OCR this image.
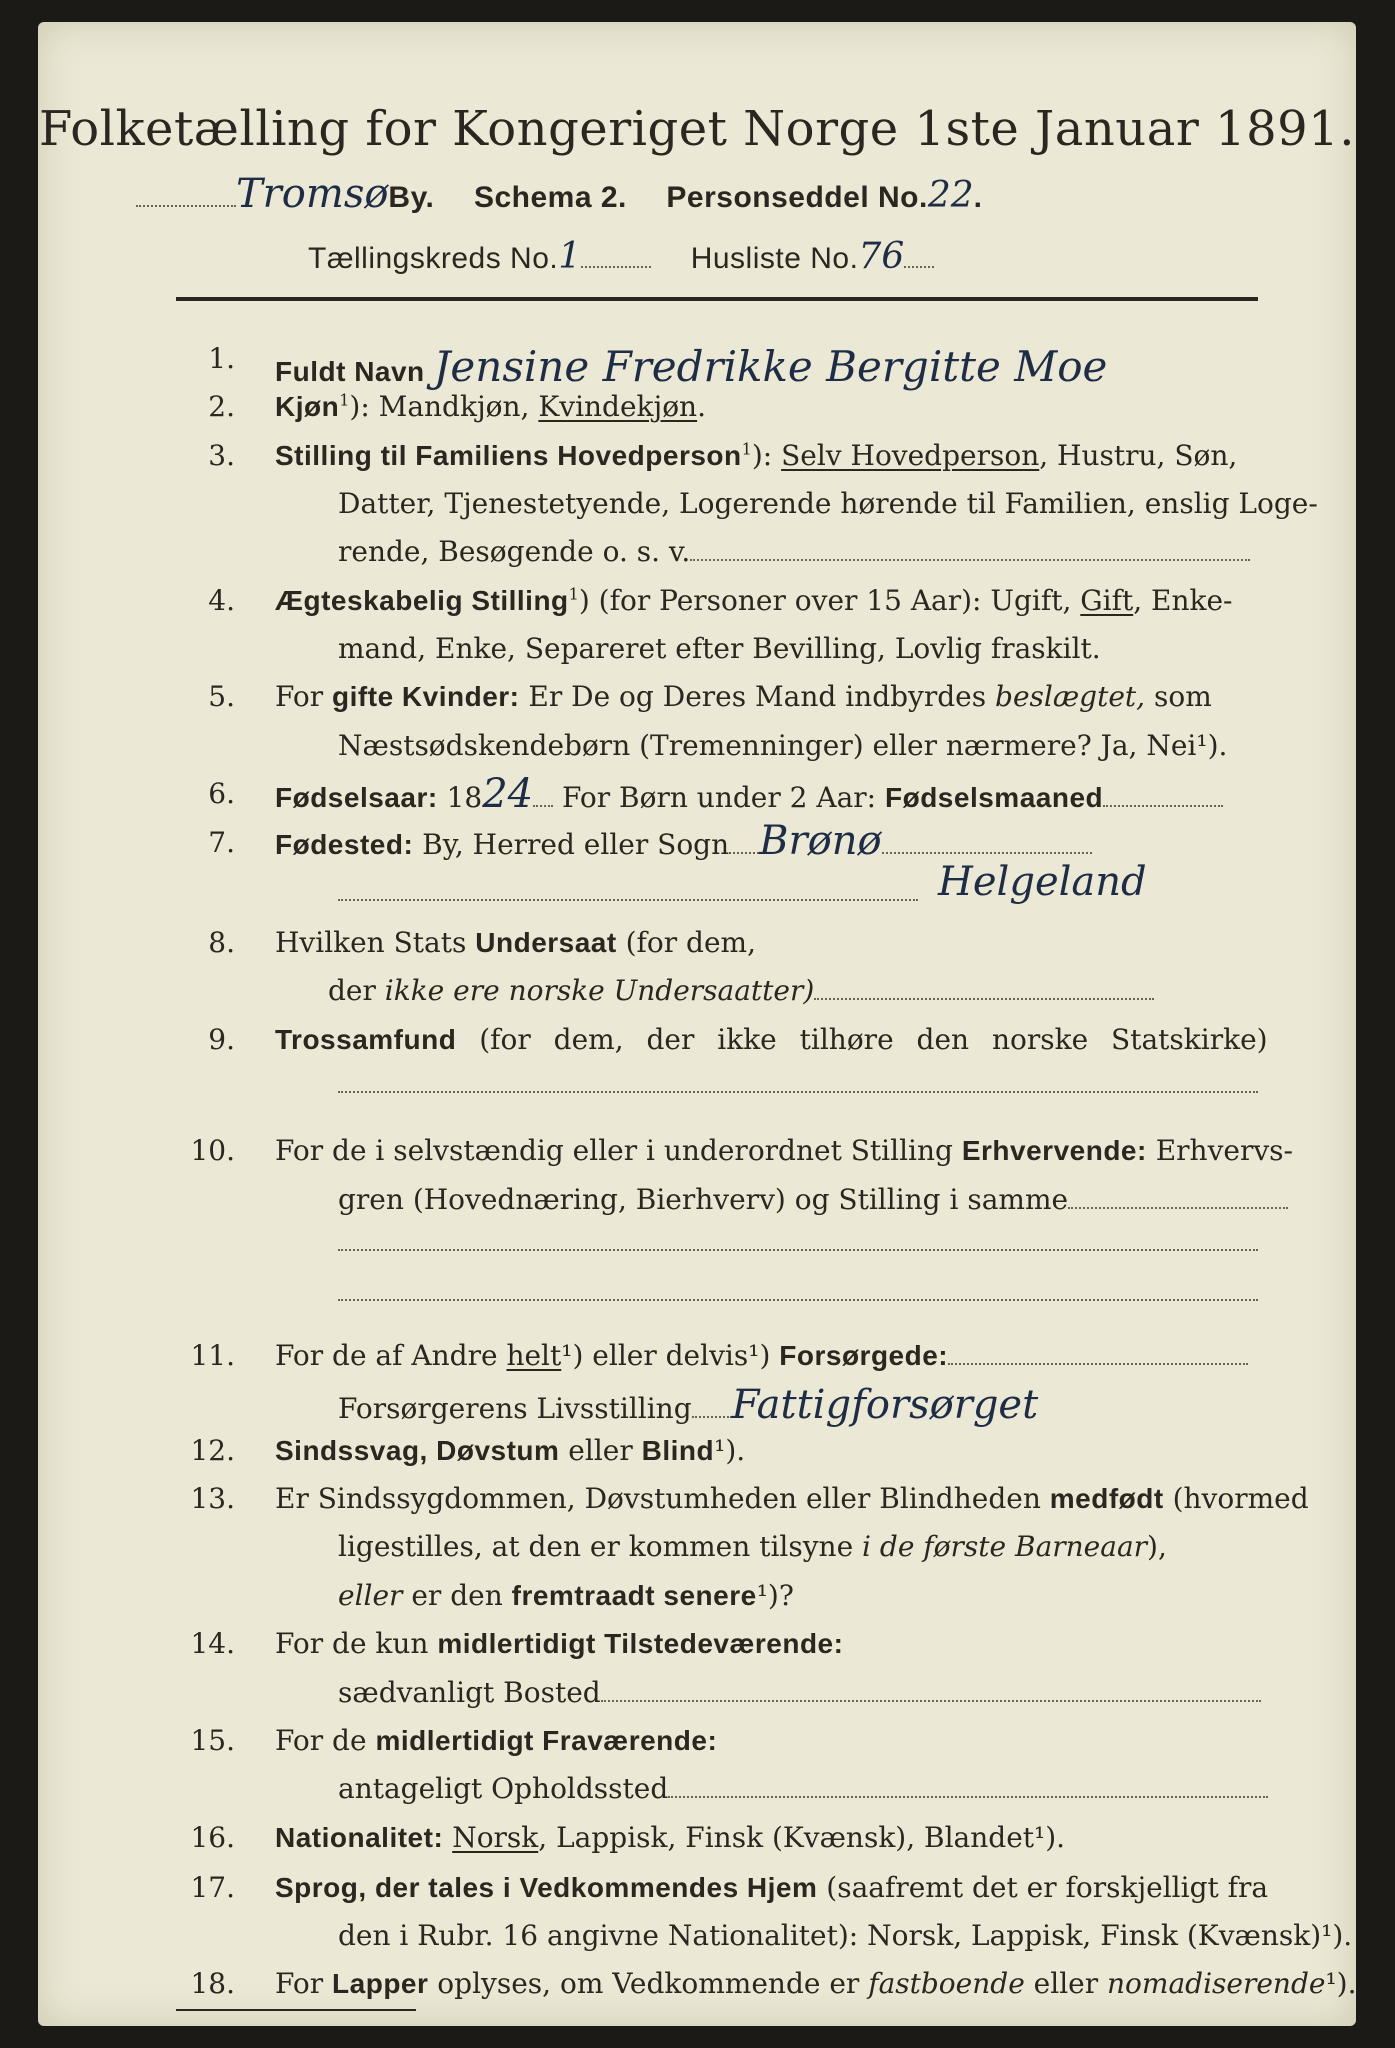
Folketælling for Kongeriget Norge 1ste Januar 1891.
TromsøBy. Schema 2. Personseddel No.22.
Tællingskreds No.1	Husliste No.76
1. Fuldt Navn Jensine Fredrikke Bergitte Moe
2. Kjøn$^1$): Mandkjøn, Kvindekjøn.
3. Stilling til Familiens Hovedperson$^1$): Selv Hovedperson, Hustru, Søn,
Datter, Tjenestetyende, Logerende hørende til Familien, enslig Loge-
rende, Besøgende o. s. v.
4. Ægteskabelig Stilling$^1$) (for Personer over 15 Aar): Ugift, Gift, Enke-
mand, Enke, Separeret efter Bevilling, Lovlig fraskilt.
5. For gifte Kvinder: Er De og Deres Mand indbyrdes beslægtet, som
Næstsødskendebørn (Tremenninger) eller nærmere? Ja, Nei¹).
6. Fødselsaar: 1824 For Børn under 2 Aar: Fødselsmaaned
7. Fødested: By, Herred eller Sogn Brønø
Helgeland
8. Hvilken Stats Undersaat (for dem,
der ikke ere norske Undersaatter)
9. Trossamfund (for dem, der ikke tilhøre den norske Statskirke)
10. For de i selvstændig eller i underordnet Stilling Erhvervende: Erhvervs-
gren (Hovednæring, Bierhverv) og Stilling i samme
11. For de af Andre helt¹) eller delvis¹) Forsørgede:
Forsørgerens Livsstilling Fattigforsørget
12. Sindssvag, Døvstum eller Blind¹).
13. Er Sindssygdommen, Døvstumheden eller Blindheden medfødt (hvormed
ligestilles, at den er kommen tilsyne i de første Barneaar),
eller er den fremtraadt senere¹)?
14. For de kun midlertidigt Tilstedeværende:
sædvanligt Bosted
15. For de midlertidigt Fraværende:
antageligt Opholdssted
16. Nationalitet: Norsk, Lappisk, Finsk (Kvænsk), Blandet¹).
17. Sprog, der tales i Vedkommendes Hjem (saafremt det er forskjelligt fra
den i Rubr. 16 angivne Nationalitet): Norsk, Lappisk, Finsk (Kvænsk)¹).
18. For Lapper oplyses, om Vedkommende er fastboende eller nomadiserende¹).
